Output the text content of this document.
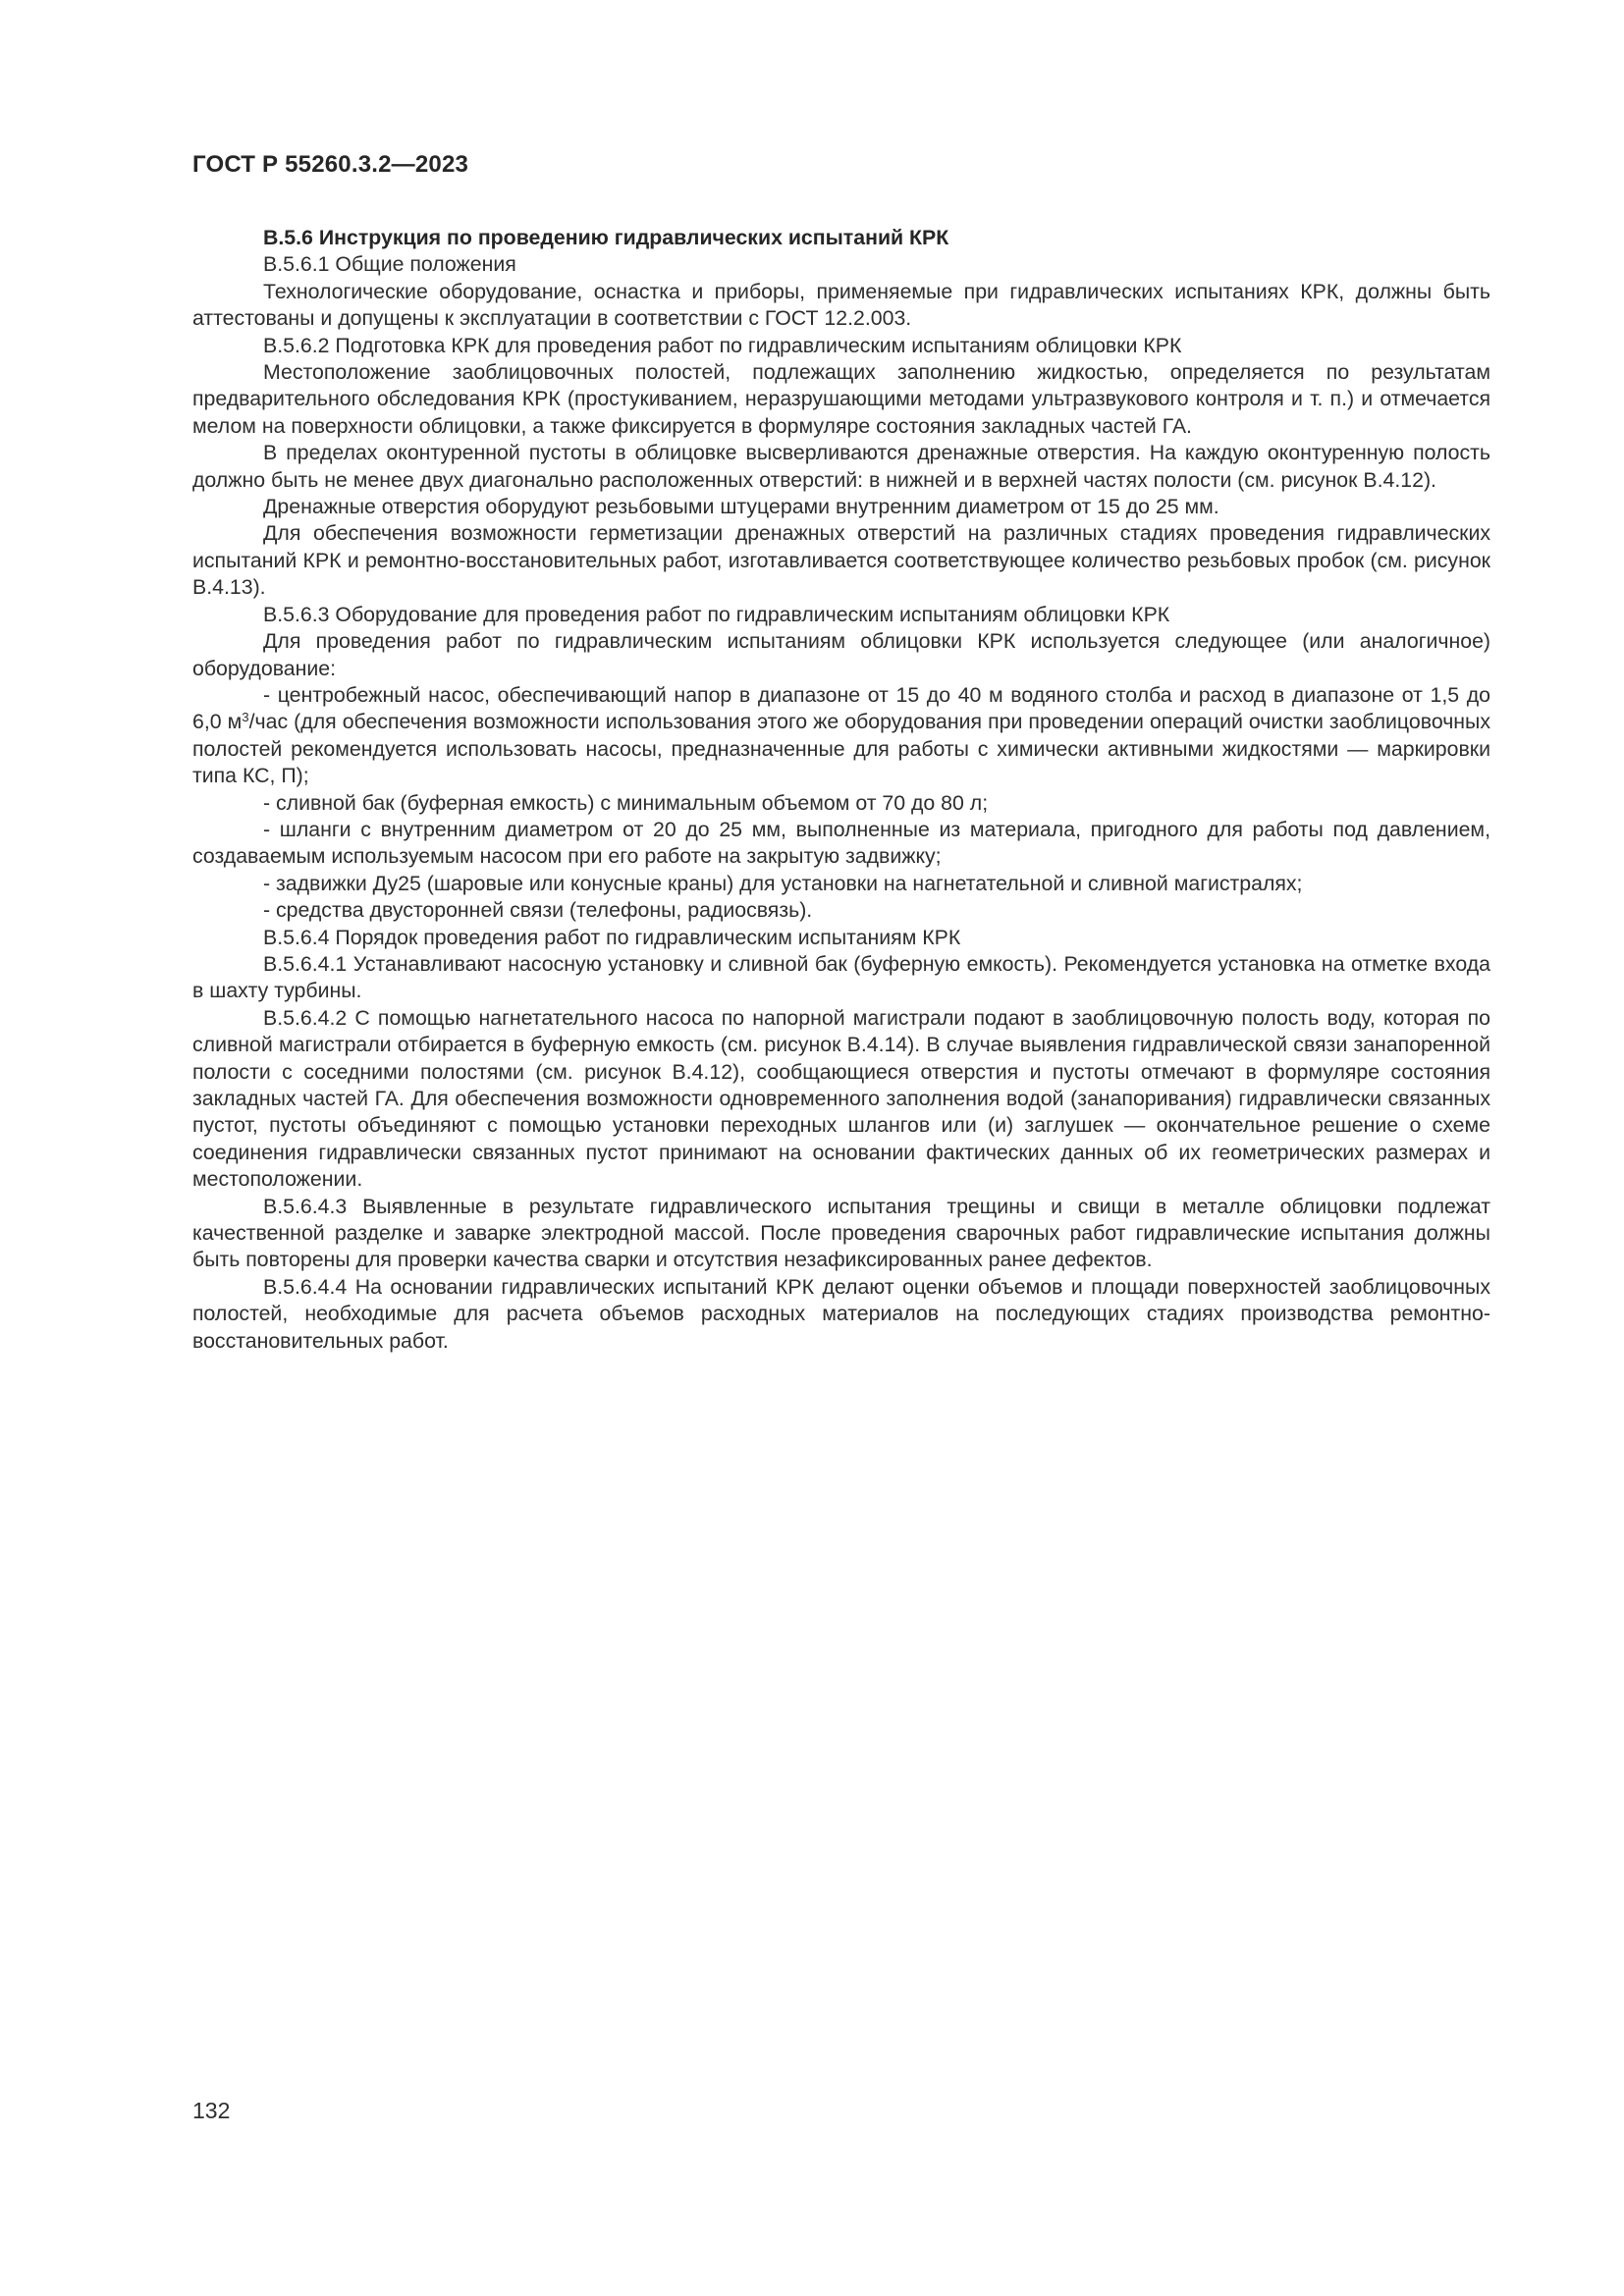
ГОСТ Р 55260.3.2—2023

В.5.6 Инструкция по проведению гидравлических испытаний КРК

В.5.6.1 Общие положения

Технологические оборудование, оснастка и приборы, применяемые при гидравлических испытаниях КРК, должны быть аттестованы и допущены к эксплуатации в соответствии с ГОСТ 12.2.003.

В.5.6.2 Подготовка КРК для проведения работ по гидравлическим испытаниям облицовки КРК

Местоположение заоблицовочных полостей, подлежащих заполнению жидкостью, определяется по результатам предварительного обследования КРК (простукиванием, неразрушающими методами ультразвукового контроля и т. п.) и отмечается мелом на поверхности облицовки, а также фиксируется в формуляре состояния закладных частей ГА.

В пределах оконтуренной пустоты в облицовке высверливаются дренажные отверстия. На каждую оконтуренную полость должно быть не менее двух диагонально расположенных отверстий: в нижней и в верхней частях полости (см. рисунок В.4.12).

Дренажные отверстия оборудуют резьбовыми штуцерами внутренним диаметром от 15 до 25 мм.

Для обеспечения возможности герметизации дренажных отверстий на различных стадиях проведения гидравлических испытаний КРК и ремонтно-восстановительных работ, изготавливается соответствующее количество резьбовых пробок (см. рисунок В.4.13).

В.5.6.3 Оборудование для проведения работ по гидравлическим испытаниям облицовки КРК

Для проведения работ по гидравлическим испытаниям облицовки КРК используется следующее (или аналогичное) оборудование:

- центробежный насос, обеспечивающий напор в диапазоне от 15 до 40 м водяного столба и расход в диапазоне от 1,5 до 6,0 $м^3$/час (для обеспечения возможности использования этого же оборудования при проведении операций очистки заоблицовочных полостей рекомендуется использовать насосы, предназначенные для работы с химически активными жидкостями — маркировки типа КС, П);

- сливной бак (буферная емкость) с минимальным объемом от 70 до 80 л;

- шланги с внутренним диаметром от 20 до 25 мм, выполненные из материала, пригодного для работы под давлением, создаваемым используемым насосом при его работе на закрытую задвижку;

- задвижки Ду25 (шаровые или конусные краны) для установки на нагнетательной и сливной магистралях;

- средства двусторонней связи (телефоны, радиосвязь).

В.5.6.4 Порядок проведения работ по гидравлическим испытаниям КРК

В.5.6.4.1 Устанавливают насосную установку и сливной бак (буферную емкость). Рекомендуется установка на отметке входа в шахту турбины.

В.5.6.4.2 С помощью нагнетательного насоса по напорной магистрали подают в заоблицовочную полость воду, которая по сливной магистрали отбирается в буферную емкость (см. рисунок В.4.14). В случае выявления гидравлической связи занапоренной полости с соседними полостями (см. рисунок В.4.12), сообщающиеся отверстия и пустоты отмечают в формуляре состояния закладных частей ГА. Для обеспечения возможности одновременного заполнения водой (занапоривания) гидравлически связанных пустот, пустоты объединяют с помощью установки переходных шлангов или (и) заглушек — окончательное решение о схеме соединения гидравлически связанных пустот принимают на основании фактических данных об их геометрических размерах и местоположении.

В.5.6.4.3 Выявленные в результате гидравлического испытания трещины и свищи в металле облицовки подлежат качественной разделке и заварке электродной массой. После проведения сварочных работ гидравлические испытания должны быть повторены для проверки качества сварки и отсутствия незафиксированных ранее дефектов.

В.5.6.4.4 На основании гидравлических испытаний КРК делают оценки объемов и площади поверхностей заоблицовочных полостей, необходимые для расчета объемов расходных материалов на последующих стадиях производства ремонтно-восстановительных работ.

132
